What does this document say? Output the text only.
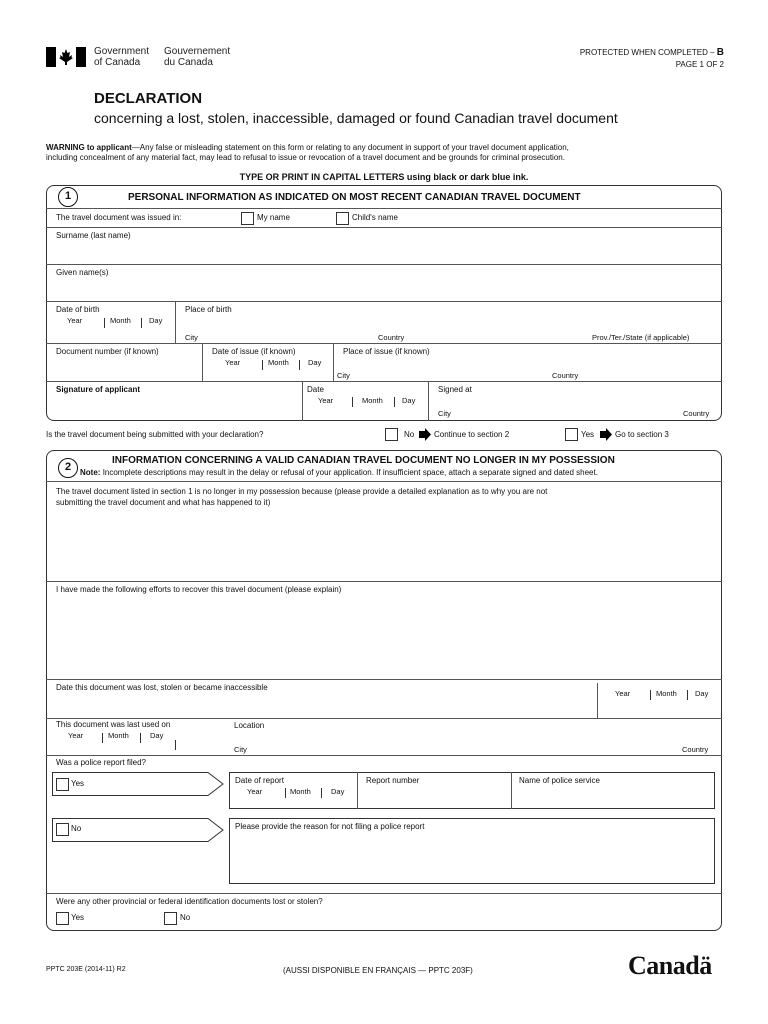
Government
of Canada
Gouvernement
du Canada
PROTECTED WHEN COMPLETED – B
PAGE 1 OF 2
DECLARATION
concerning a lost, stolen, inaccessible, damaged or found Canadian travel document
WARNING to applicant—Any false or misleading statement on this form or relating to any document in support of your travel document application,
including concealment of any material fact, may lead to refusal to issue or revocation of a travel document and be grounds for criminal prosecution.
TYPE OR PRINT IN CAPITAL LETTERS using black or dark blue ink.
1	PERSONAL INFORMATION AS INDICATED ON MOST RECENT CANADIAN TRAVEL DOCUMENT
The travel document was issued in:	My name	Child's name
Surname (last name)
Given name(s)
Date of birth
Year	Month Day
Place of birth
City	Country	Prov./Ter./State (if applicable)
Document number (if known)	Date of issue (if known)
Year	Month	Day
Place of issue (if known)
City	Country
Signature of applicant	Date
Year	Month	Day
Signed at
City	Country
Is the travel document being submitted with your declaration?	No Continue to section 2	Yes	Go to section 3
2
INFORMATION CONCERNING A VALID CANADIAN TRAVEL DOCUMENT NO LONGER IN MY POSSESSION
Note: Incomplete descriptions may result in the delay or refusal of your application. If insufficient space, attach a separate signed and dated sheet.
The travel document listed in section 1 is no longer in my possession because (please provide a detailed explanation as to why you are not
submitting the travel document and what has happened to it)
I have made the following efforts to recover this travel document (please explain)
Date this document was lost, stolen or became inaccessible
Year	Month Day
This document was last used on
Year	Month	Day
Location
City	Country
Was a police report filed?
Yes	Date of report
Year	Month	Day
Report number	Name of police service
No	Please provide the reason for not filing a police report
Were any other provincial or federal identification documents lost or stolen?
Yes	No
PPTC 203E (2014-11) R2	(AUSSI DISPONIBLE EN FRANÇAIS — PPTC 203F)	Canadä
